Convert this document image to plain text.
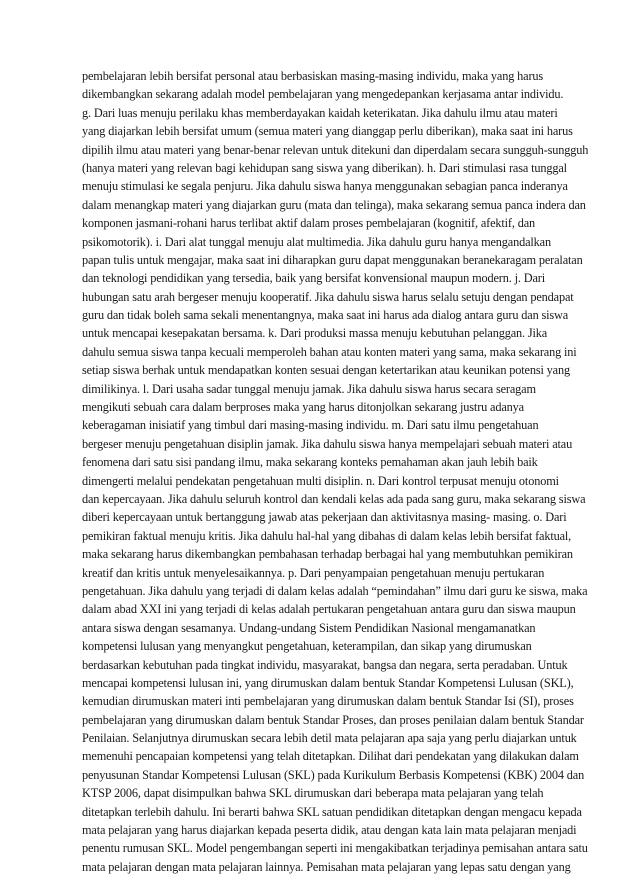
pembelajaran lebih bersifat personal atau berbasiskan masing-masing individu, maka yang harus
dikembangkan sekarang adalah model pembelajaran yang mengedepankan kerjasama antar individu.
g. Dari luas menuju perilaku khas memberdayakan kaidah keterikatan. Jika dahulu ilmu atau materi
yang diajarkan lebih bersifat umum (semua materi yang dianggap perlu diberikan), maka saat ini harus
dipilih ilmu atau materi yang benar-benar relevan untuk ditekuni dan diperdalam secara sungguh-sungguh
(hanya materi yang relevan bagi kehidupan sang siswa yang diberikan). h. Dari stimulasi rasa tunggal
menuju stimulasi ke segala penjuru. Jika dahulu siswa hanya menggunakan sebagian panca inderanya
dalam menangkap materi yang diajarkan guru (mata dan telinga), maka sekarang semua panca indera dan
komponen jasmani-rohani harus terlibat aktif dalam proses pembelajaran (kognitif, afektif, dan
psikomotorik). i. Dari alat tunggal menuju alat multimedia. Jika dahulu guru hanya mengandalkan
papan tulis untuk mengajar, maka saat ini diharapkan guru dapat menggunakan beranekaragam peralatan
dan teknologi pendidikan yang tersedia, baik yang bersifat konvensional maupun modern. j. Dari
hubungan satu arah bergeser menuju kooperatif. Jika dahulu siswa harus selalu setuju dengan pendapat
guru dan tidak boleh sama sekali menentangnya, maka saat ini harus ada dialog antara guru dan siswa
untuk mencapai kesepakatan bersama. k. Dari produksi massa menuju kebutuhan pelanggan. Jika
dahulu semua siswa tanpa kecuali memperoleh bahan atau konten materi yang sama, maka sekarang ini
setiap siswa berhak untuk mendapatkan konten sesuai dengan ketertarikan atau keunikan potensi yang
dimilikinya. l. Dari usaha sadar tunggal menuju jamak. Jika dahulu siswa harus secara seragam
mengikuti sebuah cara dalam berproses maka yang harus ditonjolkan sekarang justru adanya
keberagaman inisiatif yang timbul dari masing-masing individu. m. Dari satu ilmu pengetahuan
bergeser menuju pengetahuan disiplin jamak. Jika dahulu siswa hanya mempelajari sebuah materi atau
fenomena dari satu sisi pandang ilmu, maka sekarang konteks pemahaman akan jauh lebih baik
dimengerti melalui pendekatan pengetahuan multi disiplin. n. Dari kontrol terpusat menuju otonomi
dan kepercayaan. Jika dahulu seluruh kontrol dan kendali kelas ada pada sang guru, maka sekarang siswa
diberi kepercayaan untuk bertanggung jawab atas pekerjaan dan aktivitasnya masing- masing. o. Dari
pemikiran faktual menuju kritis. Jika dahulu hal-hal yang dibahas di dalam kelas lebih bersifat faktual,
maka sekarang harus dikembangkan pembahasan terhadap berbagai hal yang membutuhkan pemikiran
kreatif dan kritis untuk menyelesaikannya. p. Dari penyampaian pengetahuan menuju pertukaran
pengetahuan. Jika dahulu yang terjadi di dalam kelas adalah “pemindahan” ilmu dari guru ke siswa, maka
dalam abad XXI ini yang terjadi di kelas adalah pertukaran pengetahuan antara guru dan siswa maupun
antara siswa dengan sesamanya. Undang-undang Sistem Pendidikan Nasional mengamanatkan
kompetensi lulusan yang menyangkut pengetahuan, keterampilan, dan sikap yang dirumuskan
berdasarkan kebutuhan pada tingkat individu, masyarakat, bangsa dan negara, serta peradaban. Untuk
mencapai kompetensi lulusan ini, yang dirumuskan dalam bentuk Standar Kompetensi Lulusan (SKL),
kemudian dirumuskan materi inti pembelajaran yang dirumuskan dalam bentuk Standar Isi (SI), proses
pembelajaran yang dirumuskan dalam bentuk Standar Proses, dan proses penilaian dalam bentuk Standar
Penilaian. Selanjutnya dirumuskan secara lebih detil mata pelajaran apa saja yang perlu diajarkan untuk
memenuhi pencapaian kompetensi yang telah ditetapkan. Dilihat dari pendekatan yang dilakukan dalam
penyusunan Standar Kompetensi Lulusan (SKL) pada Kurikulum Berbasis Kompetensi (KBK) 2004 dan
KTSP 2006, dapat disimpulkan bahwa SKL dirumuskan dari beberapa mata pelajaran yang telah
ditetapkan terlebih dahulu. Ini berarti bahwa SKL satuan pendidikan ditetapkan dengan mengacu kepada
mata pelajaran yang harus diajarkan kepada peserta didik, atau dengan kata lain mata pelajaran menjadi
penentu rumusan SKL. Model pengembangan seperti ini mengakibatkan terjadinya pemisahan antara satu
mata pelajaran dengan mata pelajaran lainnya. Pemisahan mata pelajaran yang lepas satu dengan yang
